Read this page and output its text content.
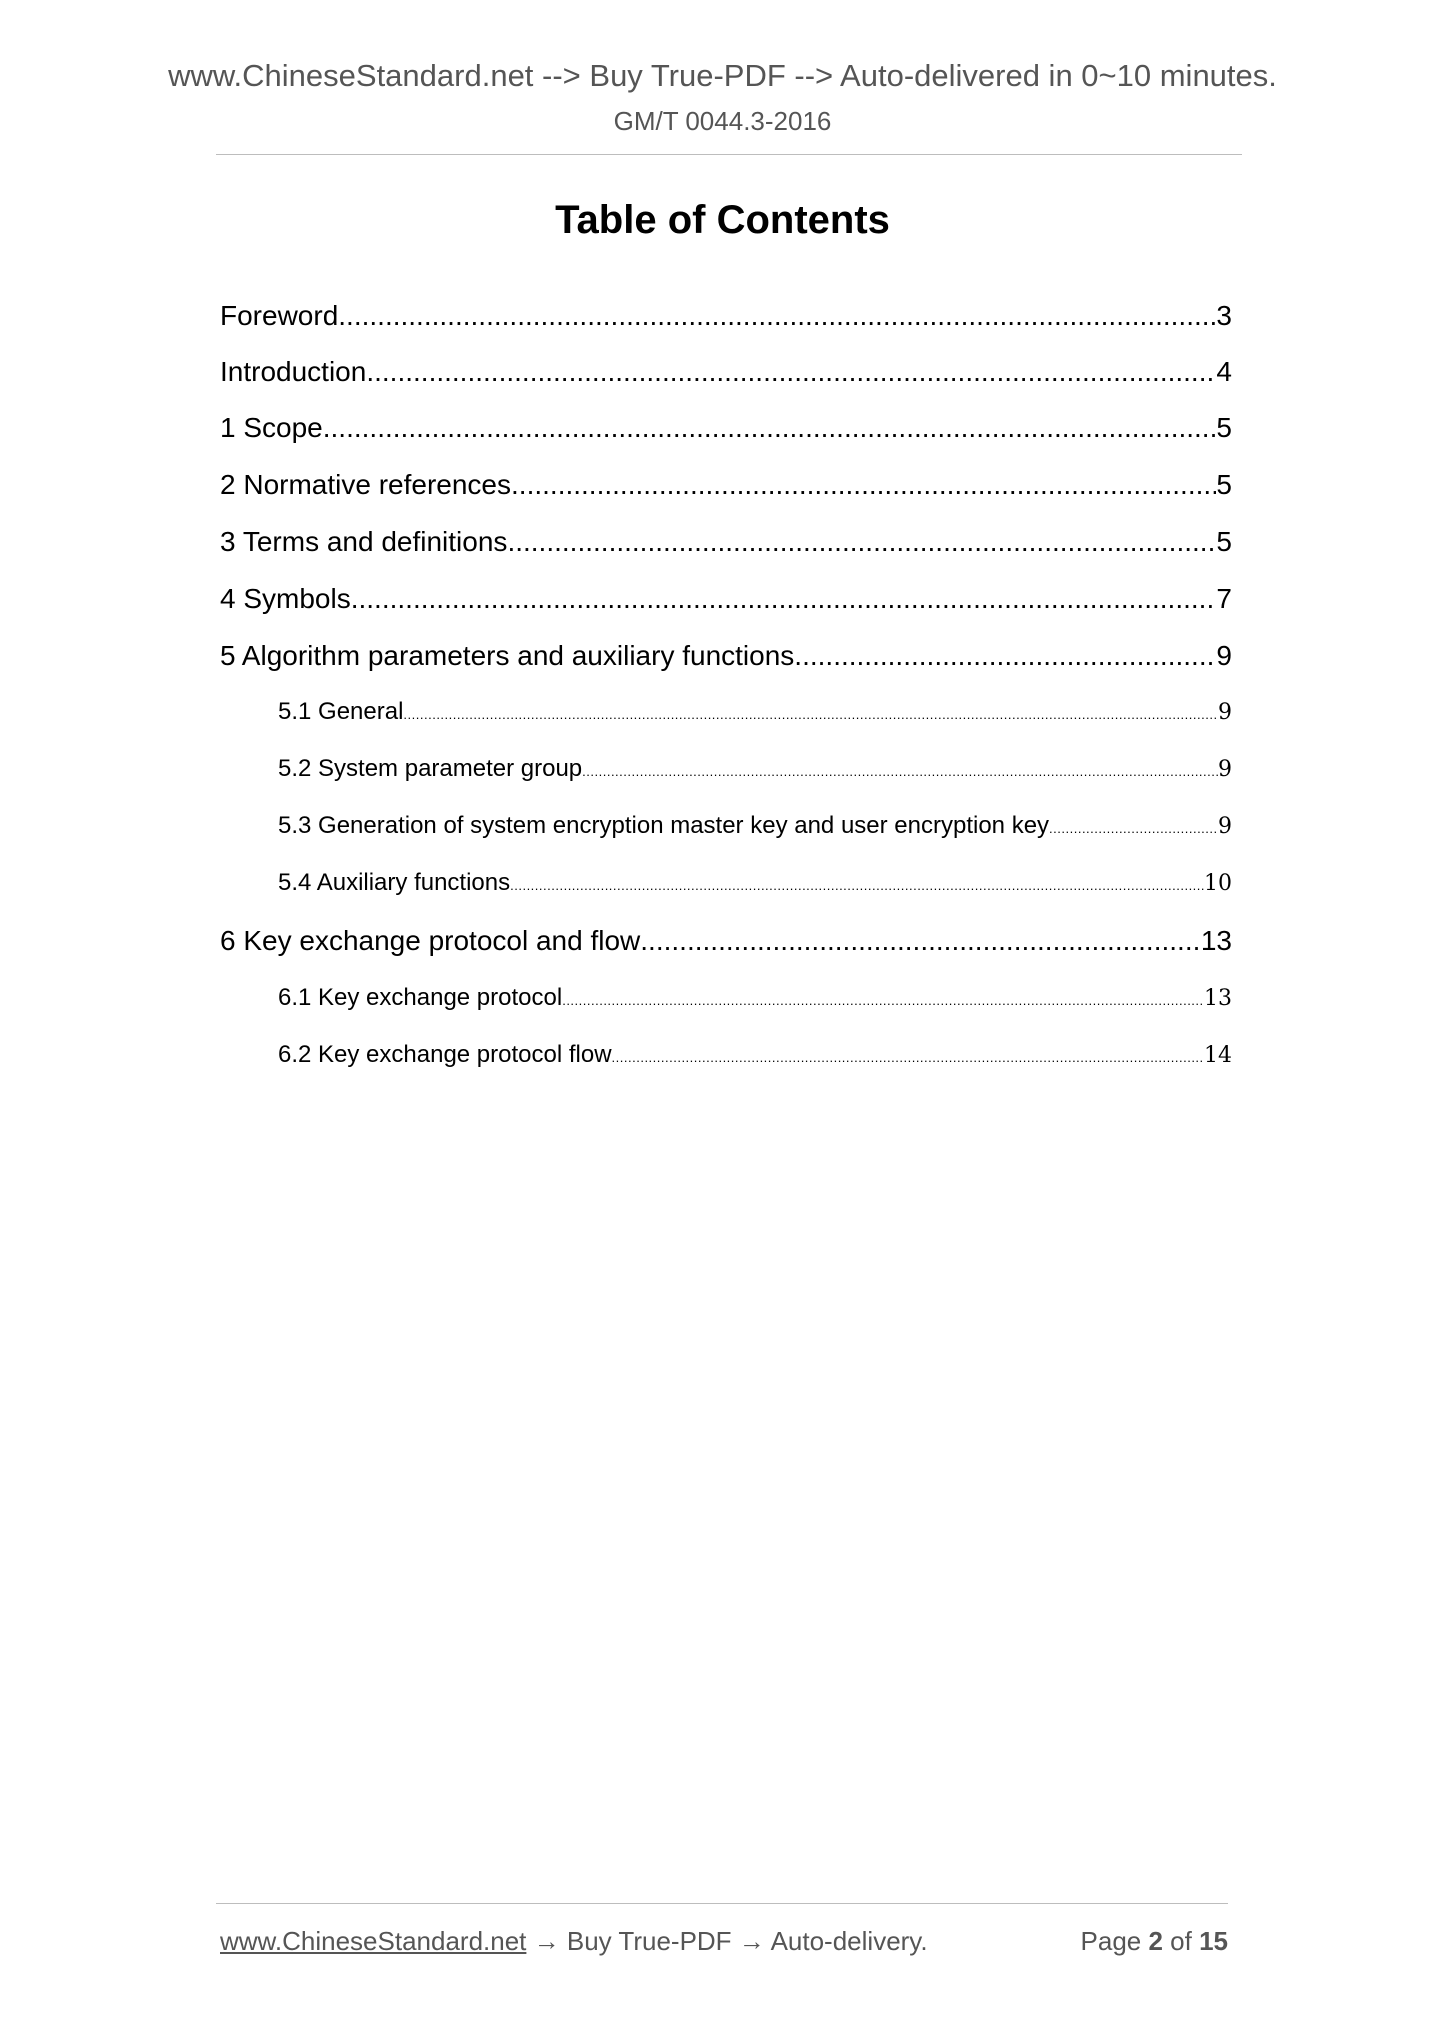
www.ChineseStandard.net --> Buy True-PDF --> Auto-delivered in 0~10 minutes.
GM/T 0044.3-2016
Table of Contents
Foreword .....	3
Introduction .....	4
1 Scope .....	5
2 Normative references .....	5
3 Terms and definitions .....	5
4 Symbols .....	7
5 Algorithm parameters and auxiliary functions .....	9
5.1 General .....	9
5.2 System parameter group .....	9
5.3 Generation of system encryption master key and user encryption key .....	9
5.4 Auxiliary functions .....	10
6 Key exchange protocol and flow .....	13
6.1 Key exchange protocol .....	13
6.2 Key exchange protocol flow .....	14
www.ChineseStandard.net → Buy True-PDF → Auto-delivery.	Page 2 of 15
